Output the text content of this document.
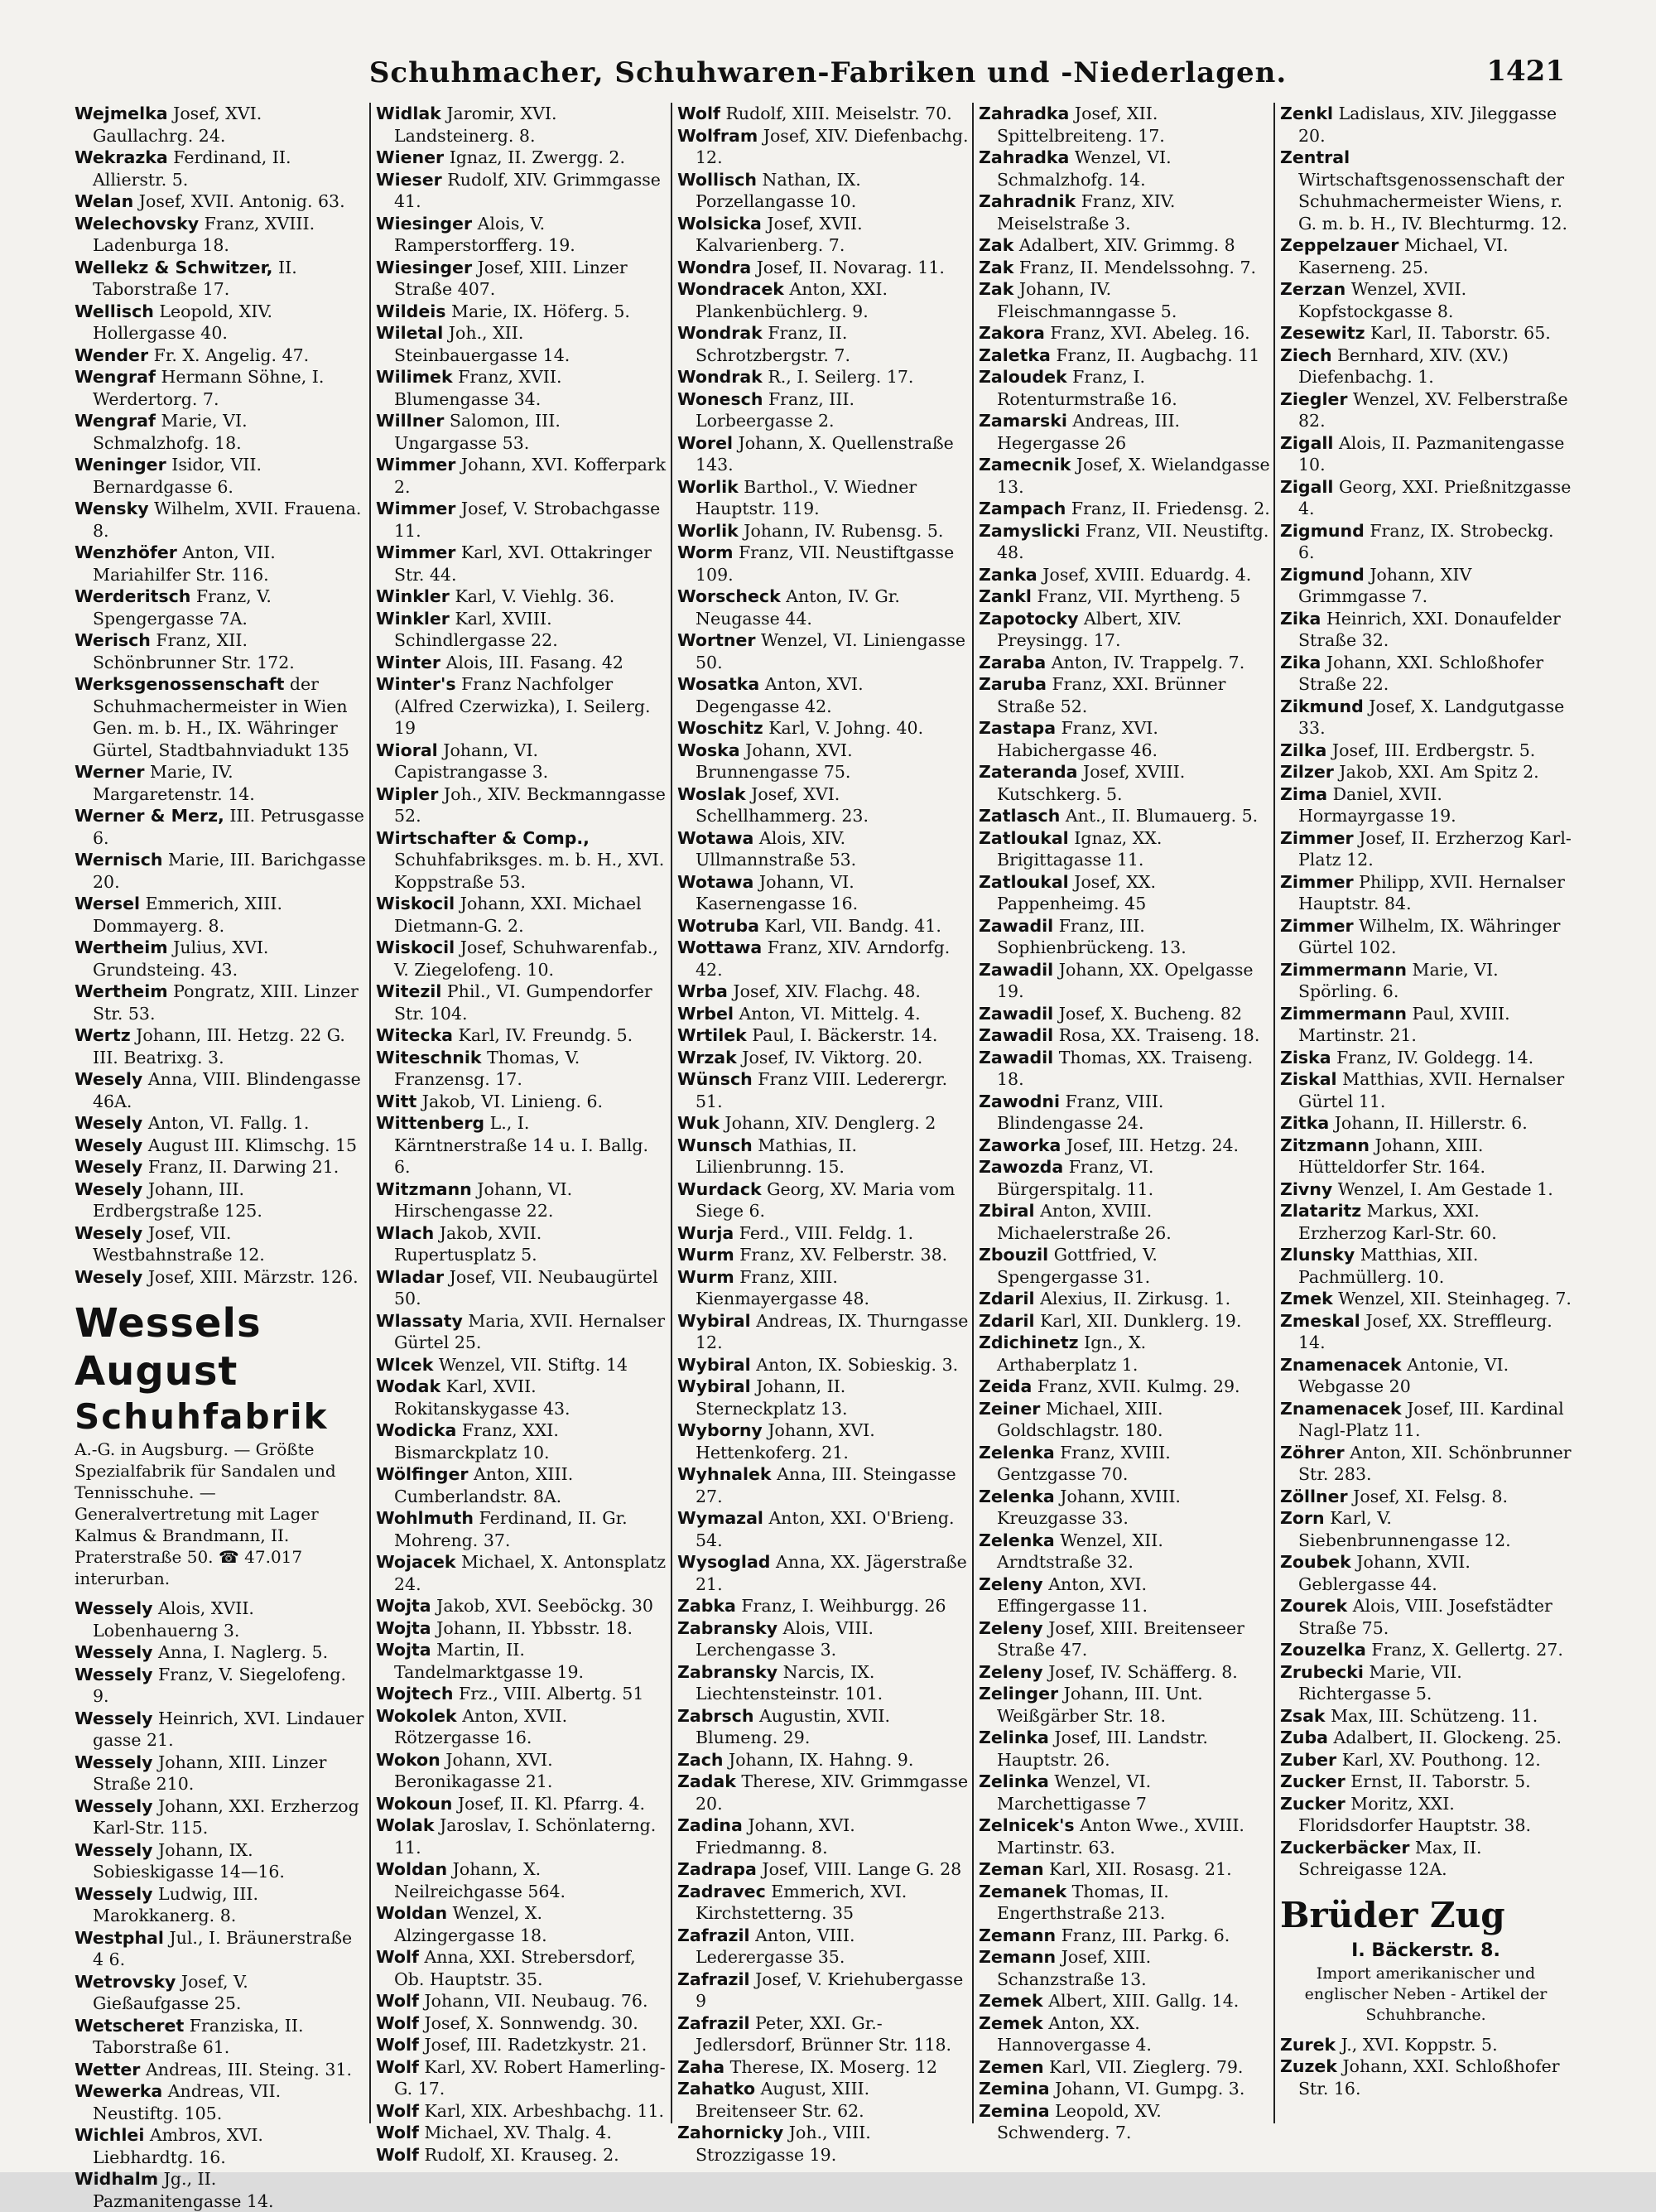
Schuhmacher, Schuhwaren-Fabriken und -Niederlagen.	1421

Wejmelka Josef, XVI. Gaullachrg. 24.

Wekrazka Ferdinand, II. Allierstr. 5.

Welan Josef, XVII. Antonig. 63.

Welechovsky Franz, XVIII. Ladenburga 18.

Wellekz & Schwitzer, II. Taborstraße 17.

Wellisch Leopold, XIV. Hollergasse 40.

Wender Fr. X. Angelig. 47.

Wengraf Hermann Söhne, I. Werdertorg. 7.

Wengraf Marie, VI. Schmalzhofg. 18.

Weninger Isidor, VII. Bernardgasse 6.

Wensky Wilhelm, XVII. Frauena. 8.

Wenzhöfer Anton, VII. Mariahilfer Str. 116.

Werderitsch Franz, V. Spengergasse 7A.

Werisch Franz, XII. Schönbrunner Str. 172.

Werksgenossenschaft der Schuhmachermeister in Wien Gen. m. b. H., IX. Währinger Gürtel, Stadtbahnviadukt 135

Werner Marie, IV. Margaretenstr. 14.

Werner & Merz, III. Petrusgasse 6.

Wernisch Marie, III. Barichgasse 20.

Wersel Emmerich, XIII. Dommayerg. 8.

Wertheim Julius, XVI. Grundsteing. 43.

Wertheim Pongratz, XIII. Linzer Str. 53.

Wertz Johann, III. Hetzg. 22 G. III. Beatrixg. 3.

Wesely Anna, VIII. Blindengasse 46A.

Wesely Anton, VI. Fallg. 1.

Wesely August III. Klimschg. 15

Wesely Franz, II. Darwing 21.

Wesely Johann, III. Erdbergstraße 125.

Wesely Josef, VII. Westbahnstraße 12.

Wesely Josef, XIII. Märzstr. 126.

Wessels August
Schuhfabrik
A.-G. in Augsburg. — Größte Spezialfabrik für Sandalen und Tennisschuhe. — Generalvertretung mit Lager Kalmus & Brandmann, II. Praterstraße 50. ☎ 47.017 interurban.

Wessely Alois, XVII. Lobenhauerng 3.

Wessely Anna, I. Naglerg. 5.

Wessely Franz, V. Siegelofeng. 9.

Wessely Heinrich, XVI. Lindauer gasse 21.

Wessely Johann, XIII. Linzer Straße 210.

Wessely Johann, XXI. Erzherzog Karl-Str. 115.

Wessely Johann, IX. Sobieskigasse 14—16.

Wessely Ludwig, III. Marokkanerg. 8.

Westphal Jul., I. Bräunerstraße 4 6.

Wetrovsky Josef, V. Gießaufgasse 25.

Wetscheret Franziska, II. Taborstraße 61.

Wetter Andreas, III. Steing. 31.

Wewerka Andreas, VII. Neustiftg. 105.

Wichlei Ambros, XVI. Liebhardtg. 16.

Widhalm Jg., II. Pazmanitengasse 14.

Widlak Jaromir, XVI. Landsteinerg. 8.

Wiener Ignaz, II. Zwergg. 2.

Wieser Rudolf, XIV. Grimmgasse 41.

Wiesinger Alois, V. Ramperstorfferg. 19.

Wiesinger Josef, XIII. Linzer Straße 407.

Wildeis Marie, IX. Höferg. 5.

Wiletal Joh., XII. Steinbauergasse 14.

Wilimek Franz, XVII. Blumengasse 34.

Willner Salomon, III. Ungargasse 53.

Wimmer Johann, XVI. Kofferpark 2.

Wimmer Josef, V. Strobachgasse 11.

Wimmer Karl, XVI. Ottakringer Str. 44.

Winkler Karl, V. Viehlg. 36.

Winkler Karl, XVIII. Schindlergasse 22.

Winter Alois, III. Fasang. 42

Winter's Franz Nachfolger (Alfred Czerwizka), I. Seilerg. 19

Wioral Johann, VI. Capistrangasse 3.

Wipler Joh., XIV. Beckmanngasse 52.

Wirtschafter & Comp., Schuhfabriksges. m. b. H., XVI. Koppstraße 53.

Wiskocil Johann, XXI. Michael Dietmann-G. 2.

Wiskocil Josef, Schuhwarenfab., V. Ziegelofeng. 10.

Witezil Phil., VI. Gumpendorfer Str. 104.

Witecka Karl, IV. Freundg. 5.

Witeschnik Thomas, V. Franzensg. 17.

Witt Jakob, VI. Linieng. 6.

Wittenberg L., I. Kärntnerstraße 14 u. I. Ballg. 6.

Witzmann Johann, VI. Hirschengasse 22.

Wlach Jakob, XVII. Rupertusplatz 5.

Wladar Josef, VII. Neubaugürtel 50.

Wlassaty Maria, XVII. Hernalser Gürtel 25.

Wlcek Wenzel, VII. Stiftg. 14

Wodak Karl, XVII. Rokitanskygasse 43.

Wodicka Franz, XXI. Bismarckplatz 10.

Wölfinger Anton, XIII. Cumberlandstr. 8A.

Wohlmuth Ferdinand, II. Gr. Mohreng. 37.

Wojacek Michael, X. Antonsplatz 24.

Wojta Jakob, XVI. Seeböckg. 30

Wojta Johann, II. Ybbsstr. 18.

Wojta Martin, II. Tandelmarktgasse 19.

Wojtech Frz., VIII. Albertg. 51

Wokolek Anton, XVII. Rötzergasse 16.

Wokon Johann, XVI. Beronikagasse 21.

Wokoun Josef, II. Kl. Pfarrg. 4.

Wolak Jaroslav, I. Schönlaterng. 11.

Woldan Johann, X. Neilreichgasse 564.

Woldan Wenzel, X. Alzingergasse 18.

Wolf Anna, XXI. Strebersdorf, Ob. Hauptstr. 35.

Wolf Johann, VII. Neubaug. 76.

Wolf Josef, X. Sonnwendg. 30.

Wolf Josef, III. Radetzkystr. 21.

Wolf Karl, XV. Robert Hamerling-G. 17.

Wolf Karl, XIX. Arbeshbachg. 11.

Wolf Michael, XV. Thalg. 4.

Wolf Rudolf, XI. Krauseg. 2.

Wolf Rudolf, XIII. Meiselstr. 70.

Wolfram Josef, XIV. Diefenbachg. 12.

Wollisch Nathan, IX. Porzellangasse 10.

Wolsicka Josef, XVII. Kalvarienberg. 7.

Wondra Josef, II. Novarag. 11.

Wondracek Anton, XXI. Plankenbüchlerg. 9.

Wondrak Franz, II. Schrotzbergstr. 7.

Wondrak R., I. Seilerg. 17.

Wonesch Franz, III. Lorbeergasse 2.

Worel Johann, X. Quellenstraße 143.

Worlik Barthol., V. Wiedner Hauptstr. 119.

Worlik Johann, IV. Rubensg. 5.

Worm Franz, VII. Neustiftgasse 109.

Worscheck Anton, IV. Gr. Neugasse 44.

Wortner Wenzel, VI. Liniengasse 50.

Wosatka Anton, XVI. Degengasse 42.

Woschitz Karl, V. Johng. 40.

Woska Johann, XVI. Brunnengasse 75.

Woslak Josef, XVI. Schellhammerg. 23.

Wotawa Alois, XIV. Ullmannstraße 53.

Wotawa Johann, VI. Kasernengasse 16.

Wotruba Karl, VII. Bandg. 41.

Wottawa Franz, XIV. Arndorfg. 42.

Wrba Josef, XIV. Flachg. 48.

Wrbel Anton, VI. Mittelg. 4.

Wrtilek Paul, I. Bäckerstr. 14.

Wrzak Josef, IV. Viktorg. 20.

Wünsch Franz VIII. Lederergr. 51.

Wuk Johann, XIV. Denglerg. 2

Wunsch Mathias, II. Lilienbrunng. 15.

Wurdack Georg, XV. Maria vom Siege 6.

Wurja Ferd., VIII. Feldg. 1.

Wurm Franz, XV. Felberstr. 38.

Wurm Franz, XIII. Kienmayergasse 48.

Wybiral Andreas, IX. Thurngasse 12.

Wybiral Anton, IX. Sobieskig. 3.

Wybiral Johann, II. Sterneckplatz 13.

Wyborny Johann, XVI. Hettenkoferg. 21.

Wyhnalek Anna, III. Steingasse 27.

Wymazal Anton, XXI. O'Brieng. 54.

Wysoglad Anna, XX. Jägerstraße 21.

Zabka Franz, I. Weihburgg. 26

Zabransky Alois, VIII. Lerchengasse 3.

Zabransky Narcis, IX. Liechtensteinstr. 101.

Zabrsch Augustin, XVII. Blumeng. 29.

Zach Johann, IX. Hahng. 9.

Zadak Therese, XIV. Grimmgasse 20.

Zadina Johann, XVI. Friedmanng. 8.

Zadrapa Josef, VIII. Lange G. 28

Zadravec Emmerich, XVI. Kirchstetterng. 35

Zafrazil Anton, VIII. Lederergasse 35.

Zafrazil Josef, V. Kriehubergasse 9

Zafrazil Peter, XXI. Gr.-Jedlersdorf, Brünner Str. 118.

Zaha Therese, IX. Moserg. 12

Zahatko August, XIII. Breitenseer Str. 62.

Zahornicky Joh., VIII. Strozzigasse 19.

Zahradka Josef, XII. Spittelbreiteng. 17.

Zahradka Wenzel, VI. Schmalzhofg. 14.

Zahradnik Franz, XIV. Meiselstraße 3.

Zak Adalbert, XIV. Grimmg. 8

Zak Franz, II. Mendelssohng. 7.

Zak Johann, IV. Fleischmanngasse 5.

Zakora Franz, XVI. Abeleg. 16.

Zaletka Franz, II. Augbachg. 11

Zaloudek Franz, I. Rotenturmstraße 16.

Zamarski Andreas, III. Hegergasse 26

Zamecnik Josef, X. Wielandgasse 13.

Zampach Franz, II. Friedensg. 2.

Zamyslicki Franz, VII. Neustiftg. 48.

Zanka Josef, XVIII. Eduardg. 4.

Zankl Franz, VII. Myrtheng. 5

Zapotocky Albert, XIV. Preysingg. 17.

Zaraba Anton, IV. Trappelg. 7.

Zaruba Franz, XXI. Brünner Straße 52.

Zastapa Franz, XVI. Habichergasse 46.

Zateranda Josef, XVIII. Kutschkerg. 5.

Zatlasch Ant., II. Blumauerg. 5.

Zatloukal Ignaz, XX. Brigittagasse 11.

Zatloukal Josef, XX. Pappenheimg. 45

Zawadil Franz, III. Sophienbrückeng. 13.

Zawadil Johann, XX. Opelgasse 19.

Zawadil Josef, X. Bucheng. 82

Zawadil Rosa, XX. Traiseng. 18.

Zawadil Thomas, XX. Traiseng. 18.

Zawodni Franz, VIII. Blindengasse 24.

Zaworka Josef, III. Hetzg. 24.

Zawozda Franz, VI. Bürgerspitalg. 11.

Zbiral Anton, XVIII. Michaelerstraße 26.

Zbouzil Gottfried, V. Spengergasse 31.

Zdaril Alexius, II. Zirkusg. 1.

Zdaril Karl, XII. Dunklerg. 19.

Zdichinetz Ign., X. Arthaberplatz 1.

Zeida Franz, XVII. Kulmg. 29.

Zeiner Michael, XIII. Goldschlagstr. 180.

Zelenka Franz, XVIII. Gentzgasse 70.

Zelenka Johann, XVIII. Kreuzgasse 33.

Zelenka Wenzel, XII. Arndtstraße 32.

Zeleny Anton, XVI. Effingergasse 11.

Zeleny Josef, XIII. Breitenseer Straße 47.

Zeleny Josef, IV. Schäfferg. 8.

Zelinger Johann, III. Unt. Weißgärber Str. 18.

Zelinka Josef, III. Landstr. Hauptstr. 26.

Zelinka Wenzel, VI. Marchettigasse 7

Zelnicek's Anton Wwe., XVIII. Martinstr. 63.

Zeman Karl, XII. Rosasg. 21.

Zemanek Thomas, II. Engerthstraße 213.

Zemann Franz, III. Parkg. 6.

Zemann Josef, XIII. Schanzstraße 13.

Zemek Albert, XIII. Gallg. 14.

Zemek Anton, XX. Hannovergasse 4.

Zemen Karl, VII. Zieglerg. 79.

Zemina Johann, VI. Gumpg. 3.

Zemina Leopold, XV. Schwenderg. 7.

Zenkl Ladislaus, XIV. Jileggasse 20.

Zentral Wirtschaftsgenossenschaft der Schuhmachermeister Wiens, r. G. m. b. H., IV. Blechturmg. 12.

Zeppelzauer Michael, VI. Kaserneng. 25.

Zerzan Wenzel, XVII. Kopfstockgasse 8.

Zesewitz Karl, II. Taborstr. 65.

Ziech Bernhard, XIV. (XV.) Diefenbachg. 1.

Ziegler Wenzel, XV. Felberstraße 82.

Zigall Alois, II. Pazmanitengasse 10.

Zigall Georg, XXI. Prießnitzgasse 4.

Zigmund Franz, IX. Strobeckg. 6.

Zigmund Johann, XIV Grimmgasse 7.

Zika Heinrich, XXI. Donaufelder Straße 32.

Zika Johann, XXI. Schloßhofer Straße 22.

Zikmund Josef, X. Landgutgasse 33.

Zilka Josef, III. Erdbergstr. 5.

Zilzer Jakob, XXI. Am Spitz 2.

Zima Daniel, XVII. Hormayrgasse 19.

Zimmer Josef, II. Erzherzog Karl-Platz 12.

Zimmer Philipp, XVII. Hernalser Hauptstr. 84.

Zimmer Wilhelm, IX. Währinger Gürtel 102.

Zimmermann Marie, VI. Spörling. 6.

Zimmermann Paul, XVIII. Martinstr. 21.

Ziska Franz, IV. Goldegg. 14.

Ziskal Matthias, XVII. Hernalser Gürtel 11.

Zitka Johann, II. Hillerstr. 6.

Zitzmann Johann, XIII. Hütteldorfer Str. 164.

Zivny Wenzel, I. Am Gestade 1.

Zlataritz Markus, XXI. Erzherzog Karl-Str. 60.

Zlunsky Matthias, XII. Pachmüllerg. 10.

Zmek Wenzel, XII. Steinhageg. 7.

Zmeskal Josef, XX. Streffleurg. 14.

Znamenacek Antonie, VI. Webgasse 20

Znamenacek Josef, III. Kardinal Nagl-Platz 11.

Zöhrer Anton, XII. Schönbrunner Str. 283.

Zöllner Josef, XI. Felsg. 8.

Zorn Karl, V. Siebenbrunnengasse 12.

Zoubek Johann, XVII. Geblergasse 44.

Zourek Alois, VIII. Josefstädter Straße 75.

Zouzelka Franz, X. Gellertg. 27.

Zrubecki Marie, VII. Richtergasse 5.

Zsak Max, III. Schützeng. 11.

Zuba Adalbert, II. Glockeng. 25.

Zuber Karl, XV. Pouthong. 12.

Zucker Ernst, II. Taborstr. 5.

Zucker Moritz, XXI. Floridsdorfer Hauptstr. 38.

Zuckerbäcker Max, II. Schreigasse 12A.

Brüder Zug
I. Bäckerstr. 8.
Import amerikanischer und englischer Neben - Artikel der Schuhbranche.

Zurek J., XVI. Koppstr. 5.

Zuzek Johann, XXI. Schloßhofer Str. 16.
